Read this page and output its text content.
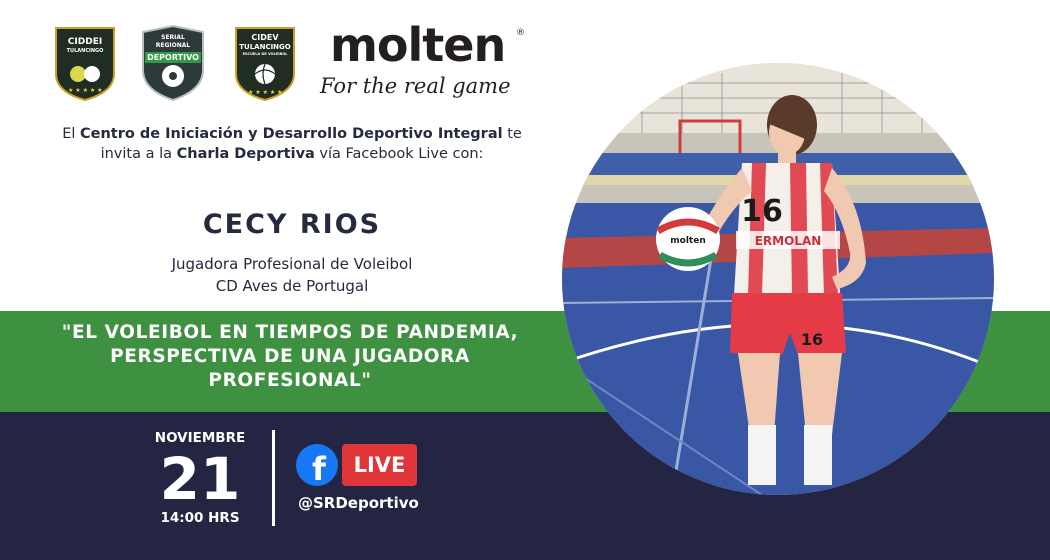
★ ★ ★ ★ ★
CIDDEI
TULANCINGO
SERIAL
REGIONAL
DEPORTIVO
★ ★ ★ ★ ★
CIDEV
TULANCINGO
ESCUELA DE VOLEIBOL molten ®
For the real game
El Centro de Iniciación y Desarrollo Deportivo Integral te invita a la Charla Deportiva vía Facebook Live con:
CECY RIOS
Jugadora Profesional de Voleibol
CD Aves de Portugal
"EL VOLEIBOL EN TIEMPOS DE PANDEMIA,
PERSPECTIVA DE UNA JUGADORA
PROFESIONAL"
NOVIEMBRE
21
14:00 HRS
f	LIVE
@SRDeportivo
ERMOLAN
16
16
molten
